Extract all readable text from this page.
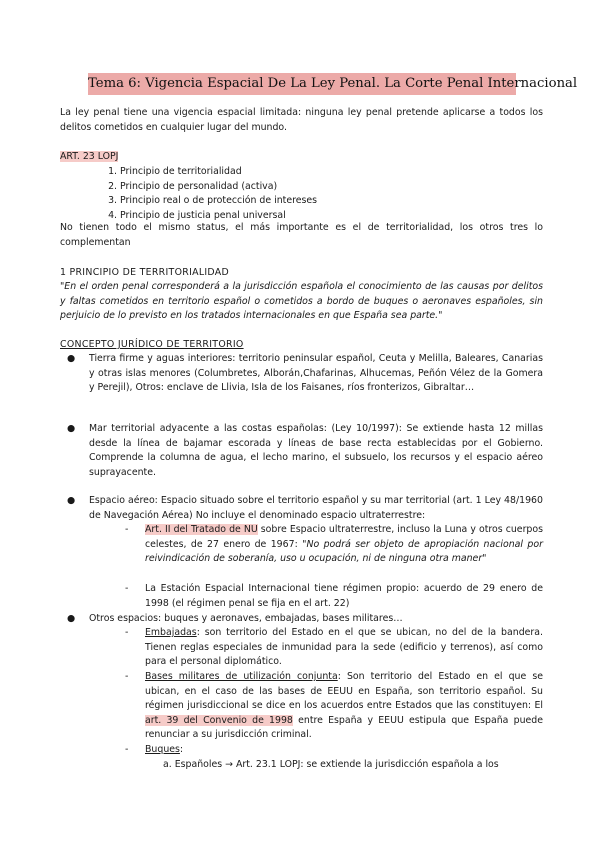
Tema 6: Vigencia Espacial De La Ley Penal. La Corte Penal Internacional
La ley penal tiene una vigencia espacial limitada: ninguna ley penal pretende aplicarse a todos los delitos cometidos en cualquier lugar del mundo.
ART. 23 LOPJ
1. Principio de territorialidad
2. Principio de personalidad (activa)
3. Principio real o de protección de intereses
4. Principio de justicia penal universal
No tienen todo el mismo status, el más importante es el de territorialidad, los otros tres lo complementan
1 PRINCIPIO DE TERRITORIALIDAD
"En el orden penal corresponderá a la jurisdicción española el conocimiento de las causas por delitos y faltas cometidos en territorio español o cometidos a bordo de buques o aeronaves españoles, sin perjuicio de lo previsto en los tratados internacionales en que España sea parte."
CONCEPTO JURÍDICO DE TERRITORIO
● Tierra firme y aguas interiores: territorio peninsular español, Ceuta y Melilla, Baleares, Canarias y otras islas menores (Columbretes, Alborán,Chafarinas, Alhucemas, Peñón Vélez de la Gomera y Perejil), Otros: enclave de Llivia, Isla de los Faisanes, ríos fronterizos, Gibraltar…
● Mar territorial adyacente a las costas españolas: (Ley 10/1997): Se extiende hasta 12 millas desde la línea de bajamar escorada y líneas de base recta establecidas por el Gobierno. Comprende la columna de agua, el lecho marino, el subsuelo, los recursos y el espacio aéreo suprayacente.
● Espacio aéreo: Espacio situado sobre el territorio español y su mar territorial (art. 1 Ley 48/1960 de Navegación Aérea) No incluye el denominado espacio ultraterrestre:
- Art. II del Tratado de NU sobre Espacio ultraterrestre, incluso la Luna y otros cuerpos celestes, de 27 enero de 1967: "No podrá ser objeto de apropiación nacional por reivindicación de soberanía, uso u ocupación, ni de ninguna otra maner"
- La Estación Espacial Internacional tiene régimen propio: acuerdo de 29 enero de 1998 (el régimen penal se fija en el art. 22)
● Otros espacios: buques y aeronaves, embajadas, bases militares…
- Embajadas: son territorio del Estado en el que se ubican, no del de la bandera. Tienen reglas especiales de inmunidad para la sede (edificio y terrenos), así como para el personal diplomático.
- Bases militares de utilización conjunta: Son territorio del Estado en el que se ubican, en el caso de las bases de EEUU en España, son territorio español. Su régimen jurisdiccional se dice en los acuerdos entre Estados que las constituyen: El art. 39 del Convenio de 1998 entre España y EEUU estipula que España puede renunciar a su jurisdicción criminal.
- Buques:
a. Españoles → Art. 23.1 LOPJ: se extiende la jurisdicción española a los
